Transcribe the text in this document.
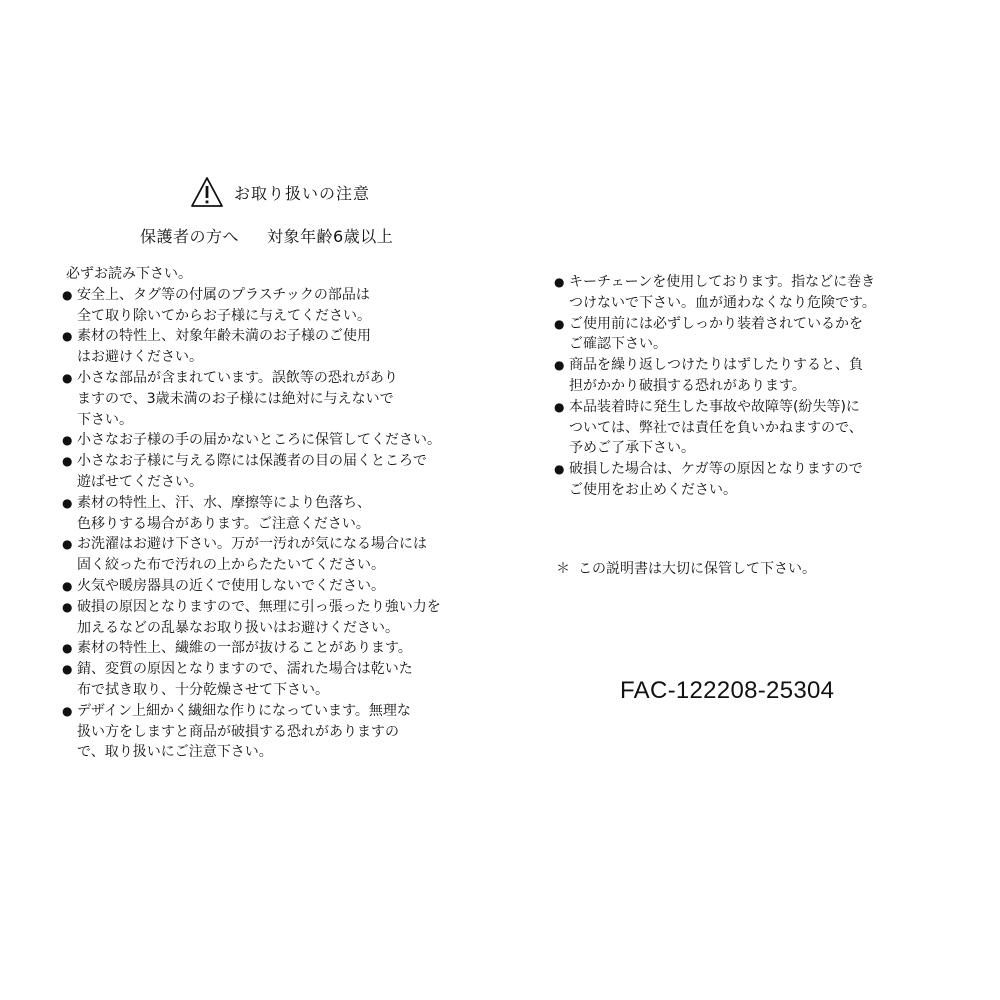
お取り扱いの注意
保護者の方へ 対象年齢6歳以上
必ずお読み下さい。
● 安全上、タグ等の付属のプラスチックの部品は
全て取り除いてからお子様に与えてください。
● 素材の特性上、対象年齢未満のお子様のご使用
はお避けください。
● 小さな部品が含まれています。誤飲等の恐れがあり
ますので、3歳未満のお子様には絶対に与えないで
下さい。
● 小さなお子様の手の届かないところに保管してください。
● 小さなお子様に与える際には保護者の目の届くところで
遊ばせてください。
● 素材の特性上、汗、水、摩擦等により色落ち、
色移りする場合があります。ご注意ください。
● お洗濯はお避け下さい。万が一汚れが気になる場合には
固く絞った布で汚れの上からたたいてください。
● 火気や暖房器具の近くで使用しないでください。
● 破損の原因となりますので、無理に引っ張ったり強い力を
加えるなどの乱暴なお取り扱いはお避けください。
● 素材の特性上、繊維の一部が抜けることがあります。
● 錆、変質の原因となりますので、濡れた場合は乾いた
布で拭き取り、十分乾燥させて下さい。
● デザイン上細かく繊細な作りになっています。無理な
扱い方をしますと商品が破損する恐れがありますの
で、取り扱いにご注意下さい。
● キーチェーンを使用しております。指などに巻き
つけないで下さい。血が通わなくなり危険です。
● ご使用前には必ずしっかり装着されているかを
ご確認下さい。
● 商品を繰り返しつけたりはずしたりすると、負
担がかかり破損する恐れがあります。
● 本品装着時に発生した事故や故障等(紛失等)に
ついては、弊社では責任を負いかねますので、
予めご了承下さい。
● 破損した場合は、ケガ等の原因となりますので
ご使用をお止めください。
＊ この説明書は大切に保管して下さい。
FAC-122208-25304
